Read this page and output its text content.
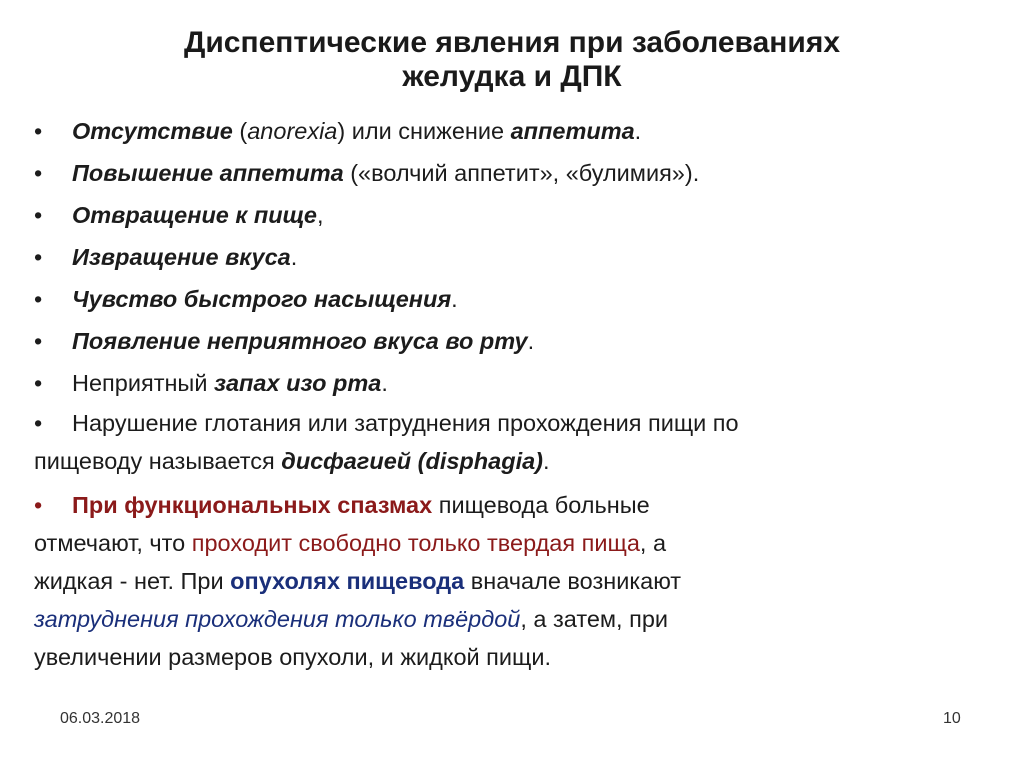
Диспептические явления при заболеваниях
желудка и ДПК
• Отсутствие (anorexia) или снижение аппетита.
• Повышение аппетита («волчий аппетит», «булимия»).
• Отвращение к пище,
• Извращение вкуса.
• Чувство быстрого насыщения.
• Появление неприятного вкуса во рту.
• Неприятный запах изо рта.
• Нарушение глотания или затруднения прохождения пищи по
пищеводу называется дисфагией (disphagia).
• При функциональных спазмах пищевода больные
отмечают, что проходит свободно только твердая пища, а
жидкая - нет. При опухолях пищевода вначале возникают
затруднения прохождения только твёрдой, а затем, при
увеличении размеров опухоли, и жидкой пищи.
06.03.2018	10
